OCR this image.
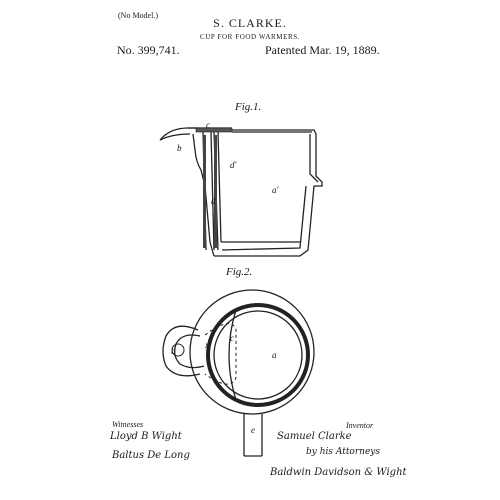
(No Model.)
S. CLARKE.
CUP FOR FOOD WARMERS.
No. 399,741.	Patented Mar. 19, 1889.
Fig.1.
Fig.2.
b
c
d'
d
a'
b
x
c
a
e
Witnesses
Lloyd B Wight
Baltus De Long
Inventor
Samuel Clarke
by his Attorneys
Baldwin Davidson & Wight
